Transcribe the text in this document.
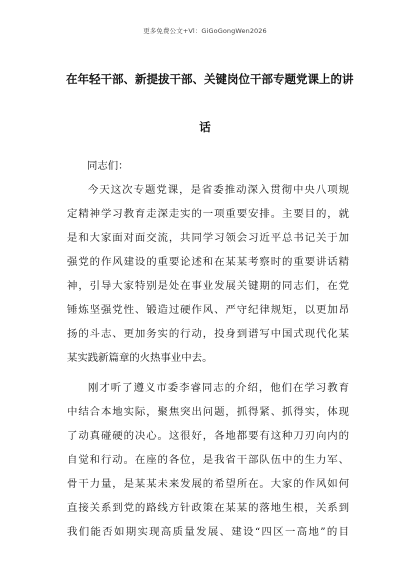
更多免费公文+Vl：GiGoGongWen2026
在年轻干部、新提拔干部、关键岗位干部专题党课上的讲
话
同志们：
今天这次专题党课，是省委推动深入贯彻中央八项规
定精神学习教育走深走实的一项重要安排。主要目的，就
是和大家面对面交流，共同学习领会习近平总书记关于加
强党的作风建设的重要论述和在某某考察时的重要讲话精
神，引导大家特别是处在事业发展关键期的同志们，在党
锤炼坚强党性、锻造过硬作风、严守纪律规矩，以更加昂
扬的斗志、更加务实的行动，投身到谱写中国式现代化某
某实践新篇章的火热事业中去。
刚才听了遵义市委李睿同志的介绍，他们在学习教育
中结合本地实际，聚焦突出问题，抓得紧、抓得实，体现
了动真碰硬的决心。这很好，各地都要有这种刀刃向内的
自觉和行动。在座的各位，是我省干部队伍中的生力军、
骨干力量，是某某未来发展的希望所在。大家的作风如何
直接关系到党的路线方针政策在某某的落地生根，关系到
我们能否如期实现高质量发展、建设“四区一高地”的目
